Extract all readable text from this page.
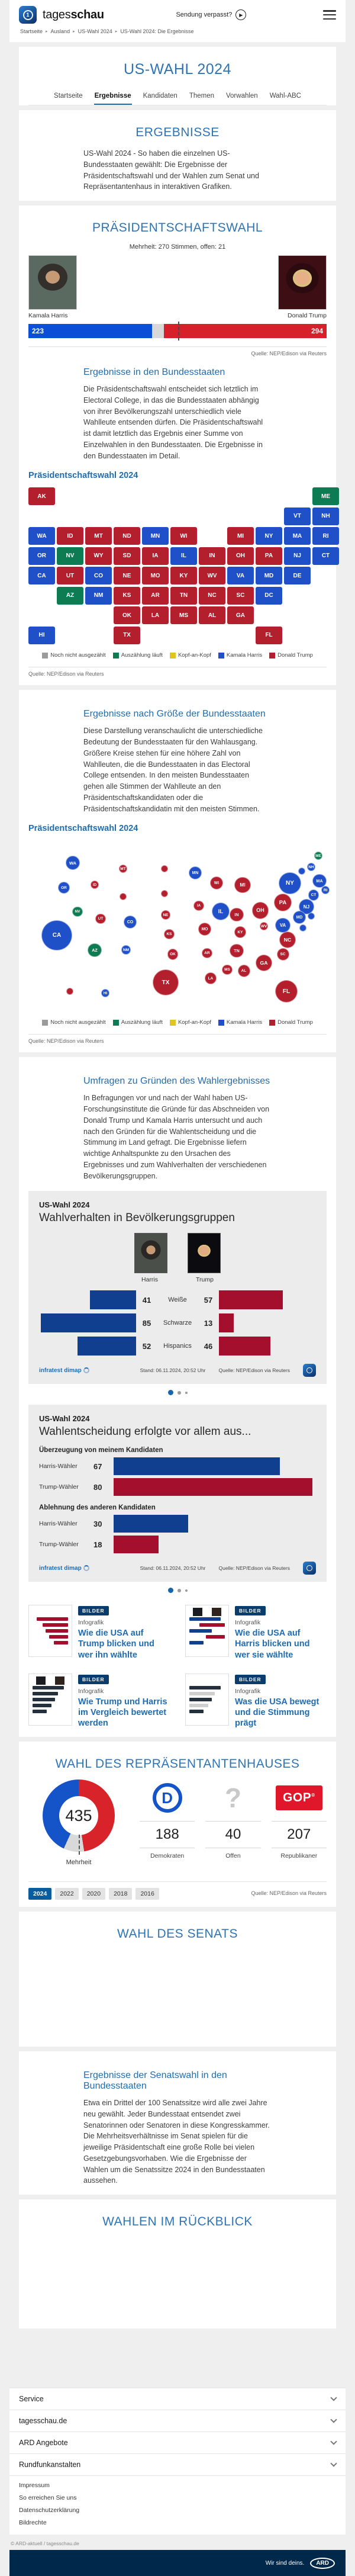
1	tagesschau	Sendung verpasst?	▶
Startseite ▸ Ausland ▸ US-Wahl 2024 ▸ US-Wahl 2024: Die Ergebnisse
US-WAHL 2024
Startseite Ergebnisse Kandidaten Themen Vorwahlen Wahl-ABC
ERGEBNISSE

US-Wahl 2024 - So haben die einzelnen US-Bundesstaaten gewählt: Die Ergebnisse der Präsidentschaftswahl und der Wahlen zum Senat und Repräsentantenhaus in interaktiven Grafiken.

PRÄSIDENTSCHAFTSWAHL
Mehrheit: 270 Stimmen, offen: 21
Kamala Harris	Donald Trump
223	294
Quelle: NEP/Edison via Reuters
Ergebnisse in den Bundesstaaten

Die Präsidentschaftswahl entscheidet sich letztlich im Electoral College, in das die Bundesstaaten abhängig von ihrer Bevölkerungszahl unterschiedlich viele Wahlleute entsenden dürfen. Die Präsidentschaftswahl ist damit letztlich das Ergebnis einer Summe von Einzelwahlen in den Bundesstaaten. Die Ergebnisse in den Bundesstaaten im Detail.

Präsidentschaftswahl 2024
AK
AL
AR
AZ
CA	CO
CT
DC
DE
FL
GA
HI
IA
ID
IL	IN
KS
KY
LA
MA
MD
ME
MI
MN
MO
MS
MT
NC
ND
NE
NH
NJ
NM
NV
NY
OH
OK
OR	PA
RI
SC
SD
TN
TX
UT	VA
VT
WA	WI
WV
WY
Noch nicht ausgezählt	Auszählung läuft	Kopf-an-Kopf	Kamala Harris	Donald Trump
Quelle: NEP/Edison via Reuters
Ergebnisse nach Größe der Bundesstaaten

Diese Darstellung veranschaulicht die unterschiedliche Bedeutung der Bundesstaaten für den Wahlausgang. Größere Kreise stehen für eine höhere Zahl von Wahlleuten, die die Bundesstaaten in das Electoral College entsenden. In den meisten Bundesstaaten gehen alle Stimmen der Wahlleute an den Präsidentschaftskandidaten oder die Präsidentschaftskandidatin mit den meisten Stimmen.

Präsidentschaftswahl 2024
CA
TX
FL
NY
IL
PA
OH
GA
NC
MI
NJ
VA
WA
AZ
IN
MA
TN
CO
MD
MN
MO
WI
AL
SC
KY
LA
OR
CT
OK	AR
IA
KS
MS
NV
UT
NE
NM
HI
ID
ME
MT	NH
RI
WV
Noch nicht ausgezählt	Auszählung läuft	Kopf-an-Kopf	Kamala Harris	Donald Trump
Quelle: NEP/Edison via Reuters
Umfragen zu Gründen des Wahlergebnisses

In Befragungen vor und nach der Wahl haben US-Forschungsinstitute die Gründe für das Abschneiden von Donald Trump und Kamala Harris untersucht und auch nach den Gründen für die Wahlentscheidung und die Stimmung im Land gefragt. Die Ergebnisse liefern wichtige Anhaltspunkte zu den Ursachen des Ergebnisses und zum Wahlverhalten der verschiedenen Bevölkerungsgruppen.

US-Wahl 2024
Wahlverhalten in Bevölkerungsgruppen
Harris	Trump
41	Weiße	57
85	Schwarze	13
52	Hispanics	46
infratest dimap	Stand: 06.11.2024, 20:52 Uhr	Quelle: NEP/Edison via Reuters
US-Wahl 2024
Wahlentscheidung erfolgte vor allem aus...
Überzeugung von meinem Kandidaten
Harris-Wähler	67
Trump-Wähler	80
Ablehnung des anderen Kandidaten
Harris-Wähler	30
Trump-Wähler	18
infratest dimap	Stand: 06.11.2024, 20:52 Uhr	Quelle: NEP/Edison via Reuters
BILDER
Infografik
Wie die USA auf Trump blicken und wer ihn wählte
BILDER
Infografik
Wie die USA auf Harris blicken und wer sie wählte
BILDER
Infografik
Wie Trump und Harris im Vergleich bewertet werden
BILDER
Infografik
Was die USA bewegt und die Stimmung prägt
WAHL DES REPRÄSENTANTENHAUSES
435
Mehrheit
D
188
Demokraten
?
40
Offen
GOP®
207
Republikaner
2024 2022 2020 2018 2016	Quelle: NEP/Edison via Reuters
WAHL DES SENATS
Ergebnisse der Senatswahl in den Bundesstaaten

Etwa ein Drittel der 100 Senatssitze wird alle zwei Jahre neu gewählt. Jeder Bundesstaat entsendet zwei Senatorinnen oder Senatoren in diese Kongresskammer. Die Mehrheitsverhältnisse im Senat spielen für die jeweilige Präsidentschaft eine große Rolle bei vielen Gesetzgebungsvorhaben. Wie die Ergebnisse der Wahlen um die Senatssitze 2024 in den Bundesstaaten aussehen.

WAHLEN IM RÜCKBLICK
Service
tagesschau.de
ARD Angebote
Rundfunkanstalten
Impressum
So erreichen Sie uns
Datenschutzerklärung
Bildrechte
© ARD-aktuell / tagesschau.de
Wir sind deins.	ARD
